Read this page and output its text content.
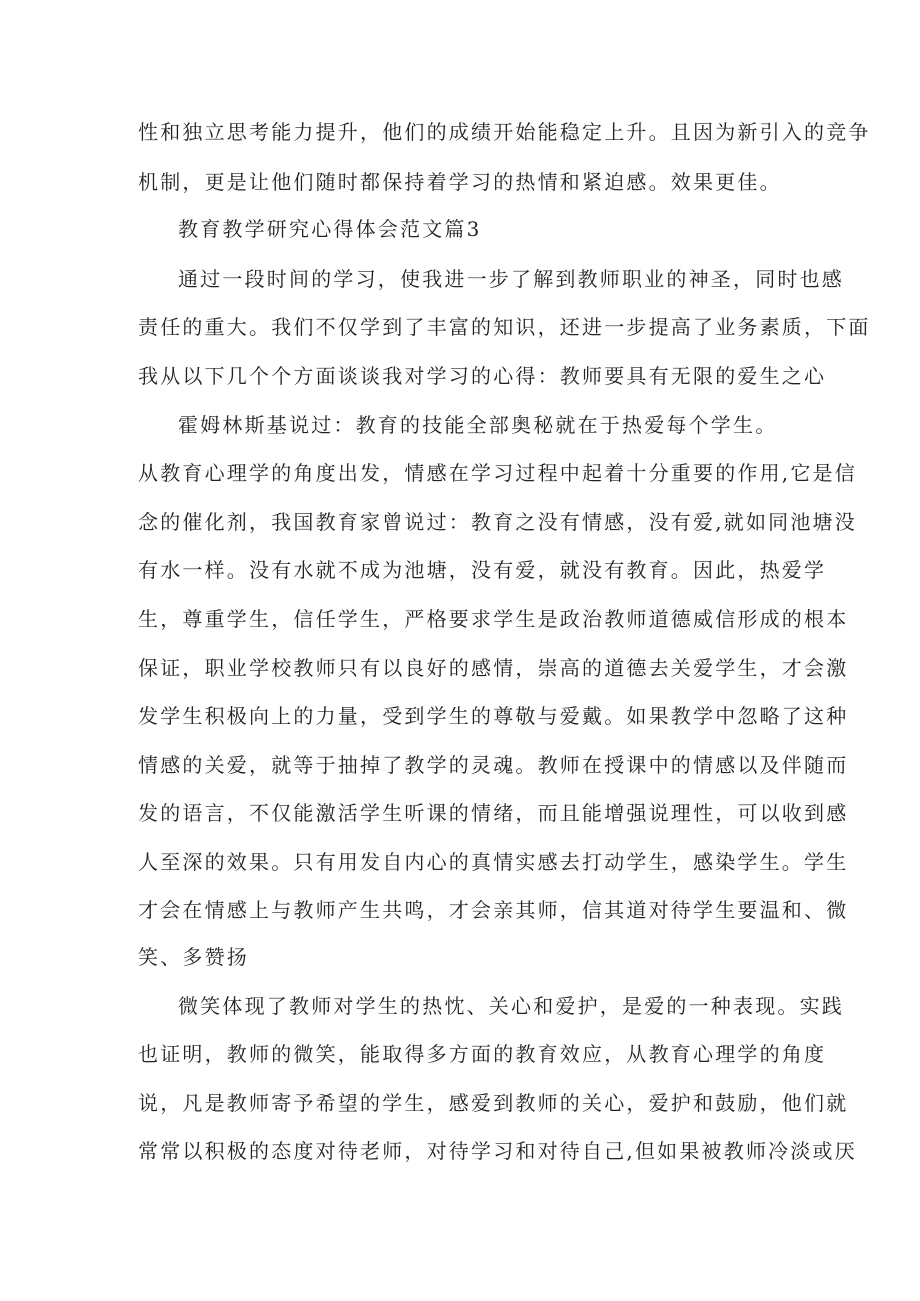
性和独立思考能力提升，他们的成绩开始能稳定上升。且因为新引入的竞争
机制，更是让他们随时都保持着学习的热情和紧迫感。效果更佳。
教育教学研究心得体会范文篇3
通过一段时间的学习，使我进一步了解到教师职业的神圣，同时也感
责任的重大。我们不仅学到了丰富的知识，还进一步提高了业务素质，下面
我从以下几个个方面谈谈我对学习的心得：教师要具有无限的爱生之心
霍姆林斯基说过：教育的技能全部奥秘就在于热爱每个学生。
从教育心理学的角度出发，情感在学习过程中起着十分重要的作用,它是信
念的催化剂，我国教育家曾说过：教育之没有情感，没有爱,就如同池塘没
有水一样。没有水就不成为池塘，没有爱，就没有教育。因此，热爱学
生，尊重学生，信任学生，严格要求学生是政治教师道德威信形成的根本
保证，职业学校教师只有以良好的感情，崇高的道德去关爱学生，才会激
发学生积极向上的力量，受到学生的尊敬与爱戴。如果教学中忽略了这种
情感的关爱，就等于抽掉了教学的灵魂。教师在授课中的情感以及伴随而
发的语言，不仅能激活学生听课的情绪，而且能增强说理性，可以收到感
人至深的效果。只有用发自内心的真情实感去打动学生，感染学生。学生
才会在情感上与教师产生共鸣，才会亲其师，信其道对待学生要温和、微
笑、多赞扬
微笑体现了教师对学生的热忱、关心和爱护，是爱的一种表现。实践
也证明，教师的微笑，能取得多方面的教育效应，从教育心理学的角度
说，凡是教师寄予希望的学生，感爱到教师的关心，爱护和鼓励，他们就
常常以积极的态度对待老师，对待学习和对待自己,但如果被教师冷淡或厌
